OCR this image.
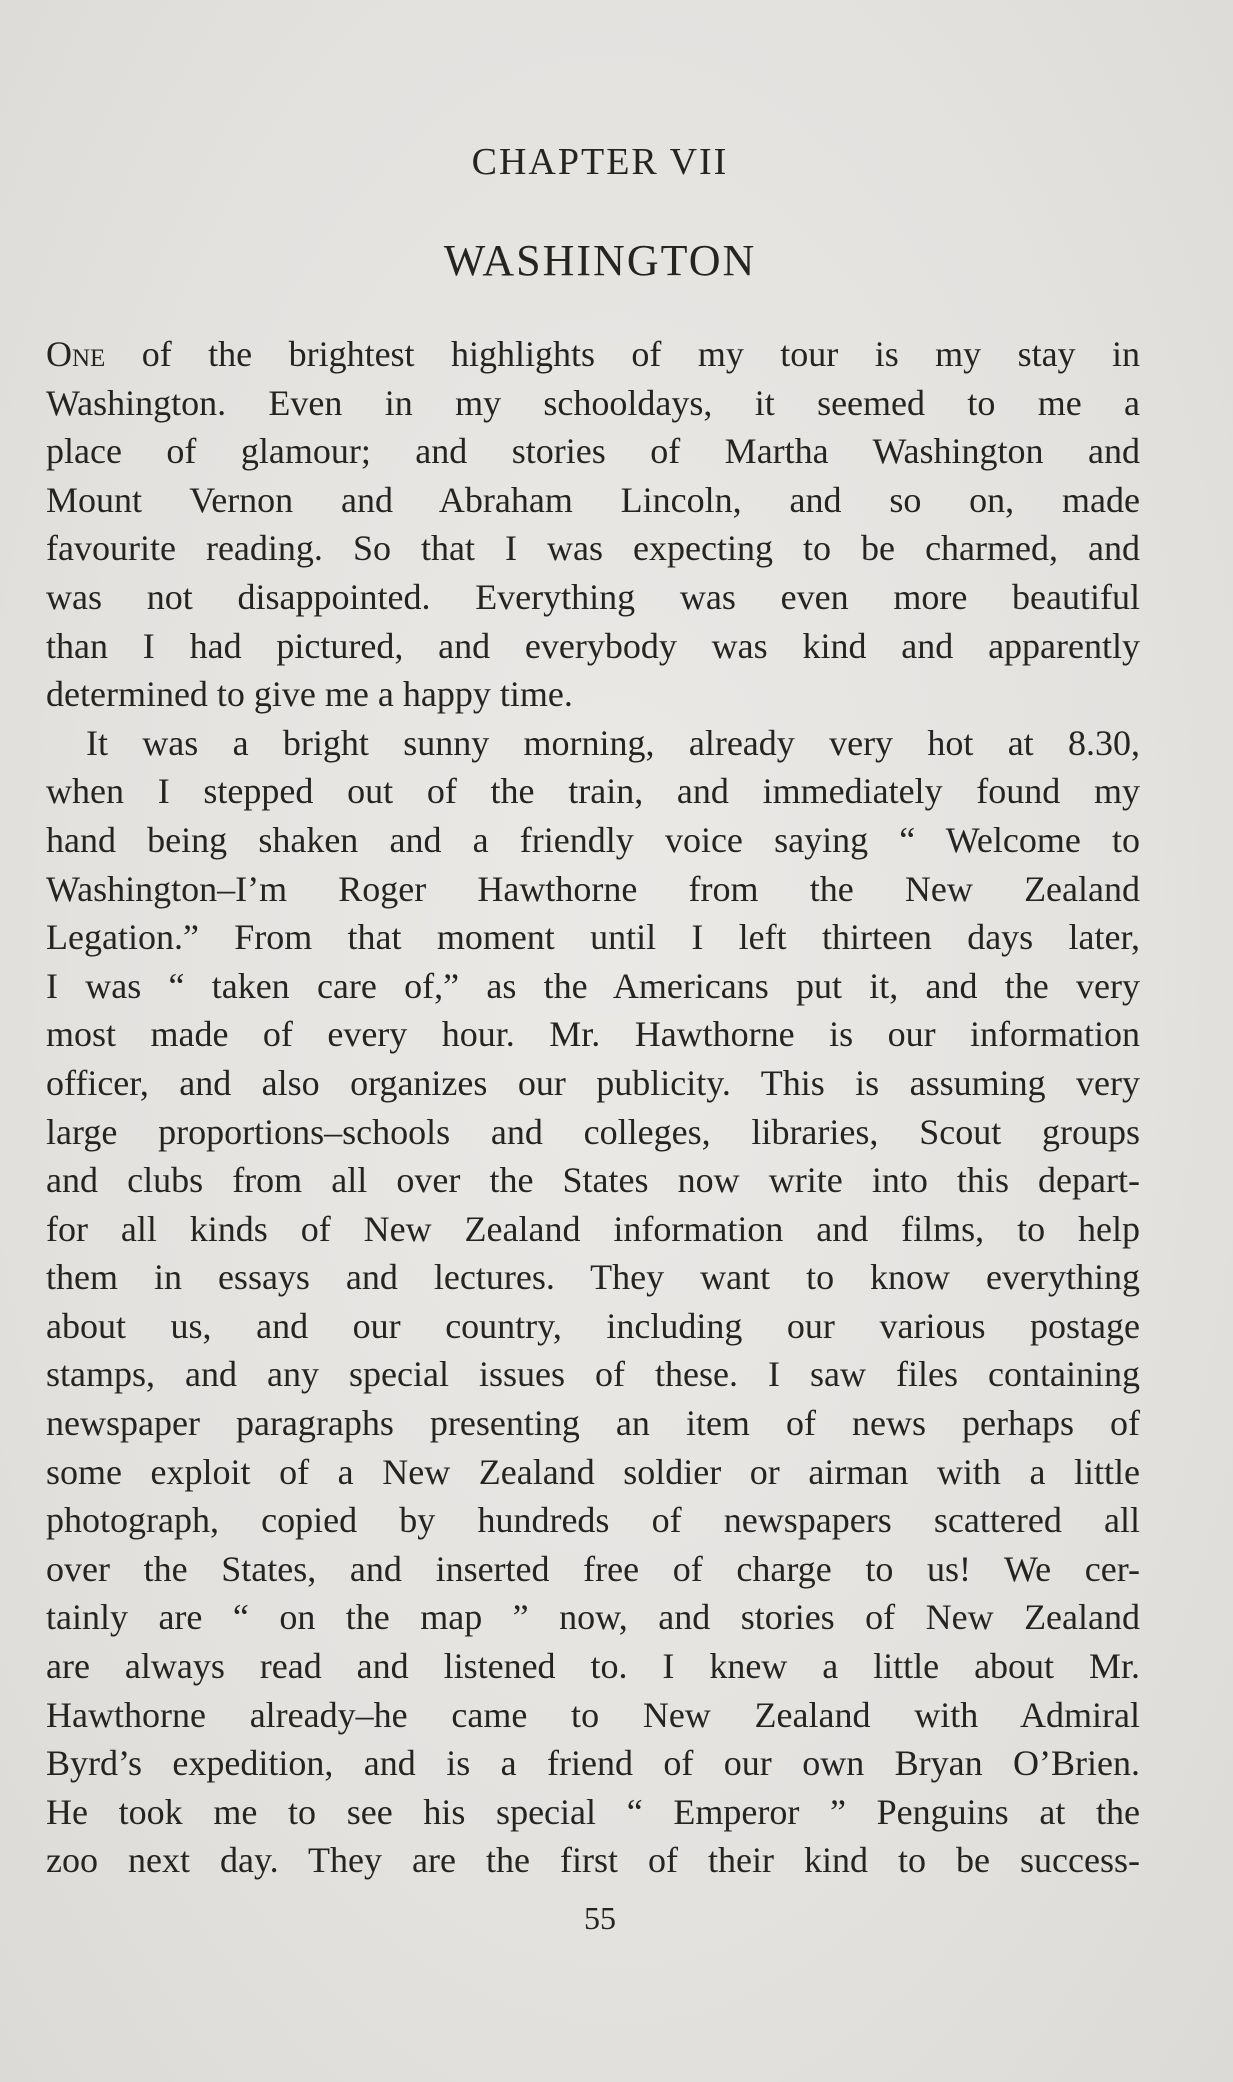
CHAPTER VII
WASHINGTON
One of the brightest highlights of my tour is my stay in
Washington. Even in my schooldays, it seemed to me a
place of glamour; and stories of Martha Washington and
Mount Vernon and Abraham Lincoln, and so on, made
favourite reading. So that I was expecting to be charmed, and
was not disappointed. Everything was even more beautiful
than I had pictured, and everybody was kind and apparently
determined to give me a happy time.
It was a bright sunny morning, already very hot at 8.30,
when I stepped out of the train, and immediately found my
hand being shaken and a friendly voice saying “ Welcome to
Washington–I’m Roger Hawthorne from the New Zealand
Legation.” From that moment until I left thirteen days later,
I was “ taken care of,” as the Americans put it, and the very
most made of every hour. Mr. Hawthorne is our information
officer, and also organizes our publicity. This is assuming very
large proportions–schools and colleges, libraries, Scout groups
and clubs from all over the States now write into this depart-
for all kinds of New Zealand information and films, to help
them in essays and lectures. They want to know everything
about us, and our country, including our various postage
stamps, and any special issues of these. I saw files containing
newspaper paragraphs presenting an item of news perhaps of
some exploit of a New Zealand soldier or airman with a little
photograph, copied by hundreds of newspapers scattered all
over the States, and inserted free of charge to us! We cer-
tainly are “ on the map ” now, and stories of New Zealand
are always read and listened to. I knew a little about Mr.
Hawthorne already–he came to New Zealand with Admiral
Byrd’s expedition, and is a friend of our own Bryan O’Brien.
He took me to see his special “ Emperor ” Penguins at the
zoo next day. They are the first of their kind to be success-
55
